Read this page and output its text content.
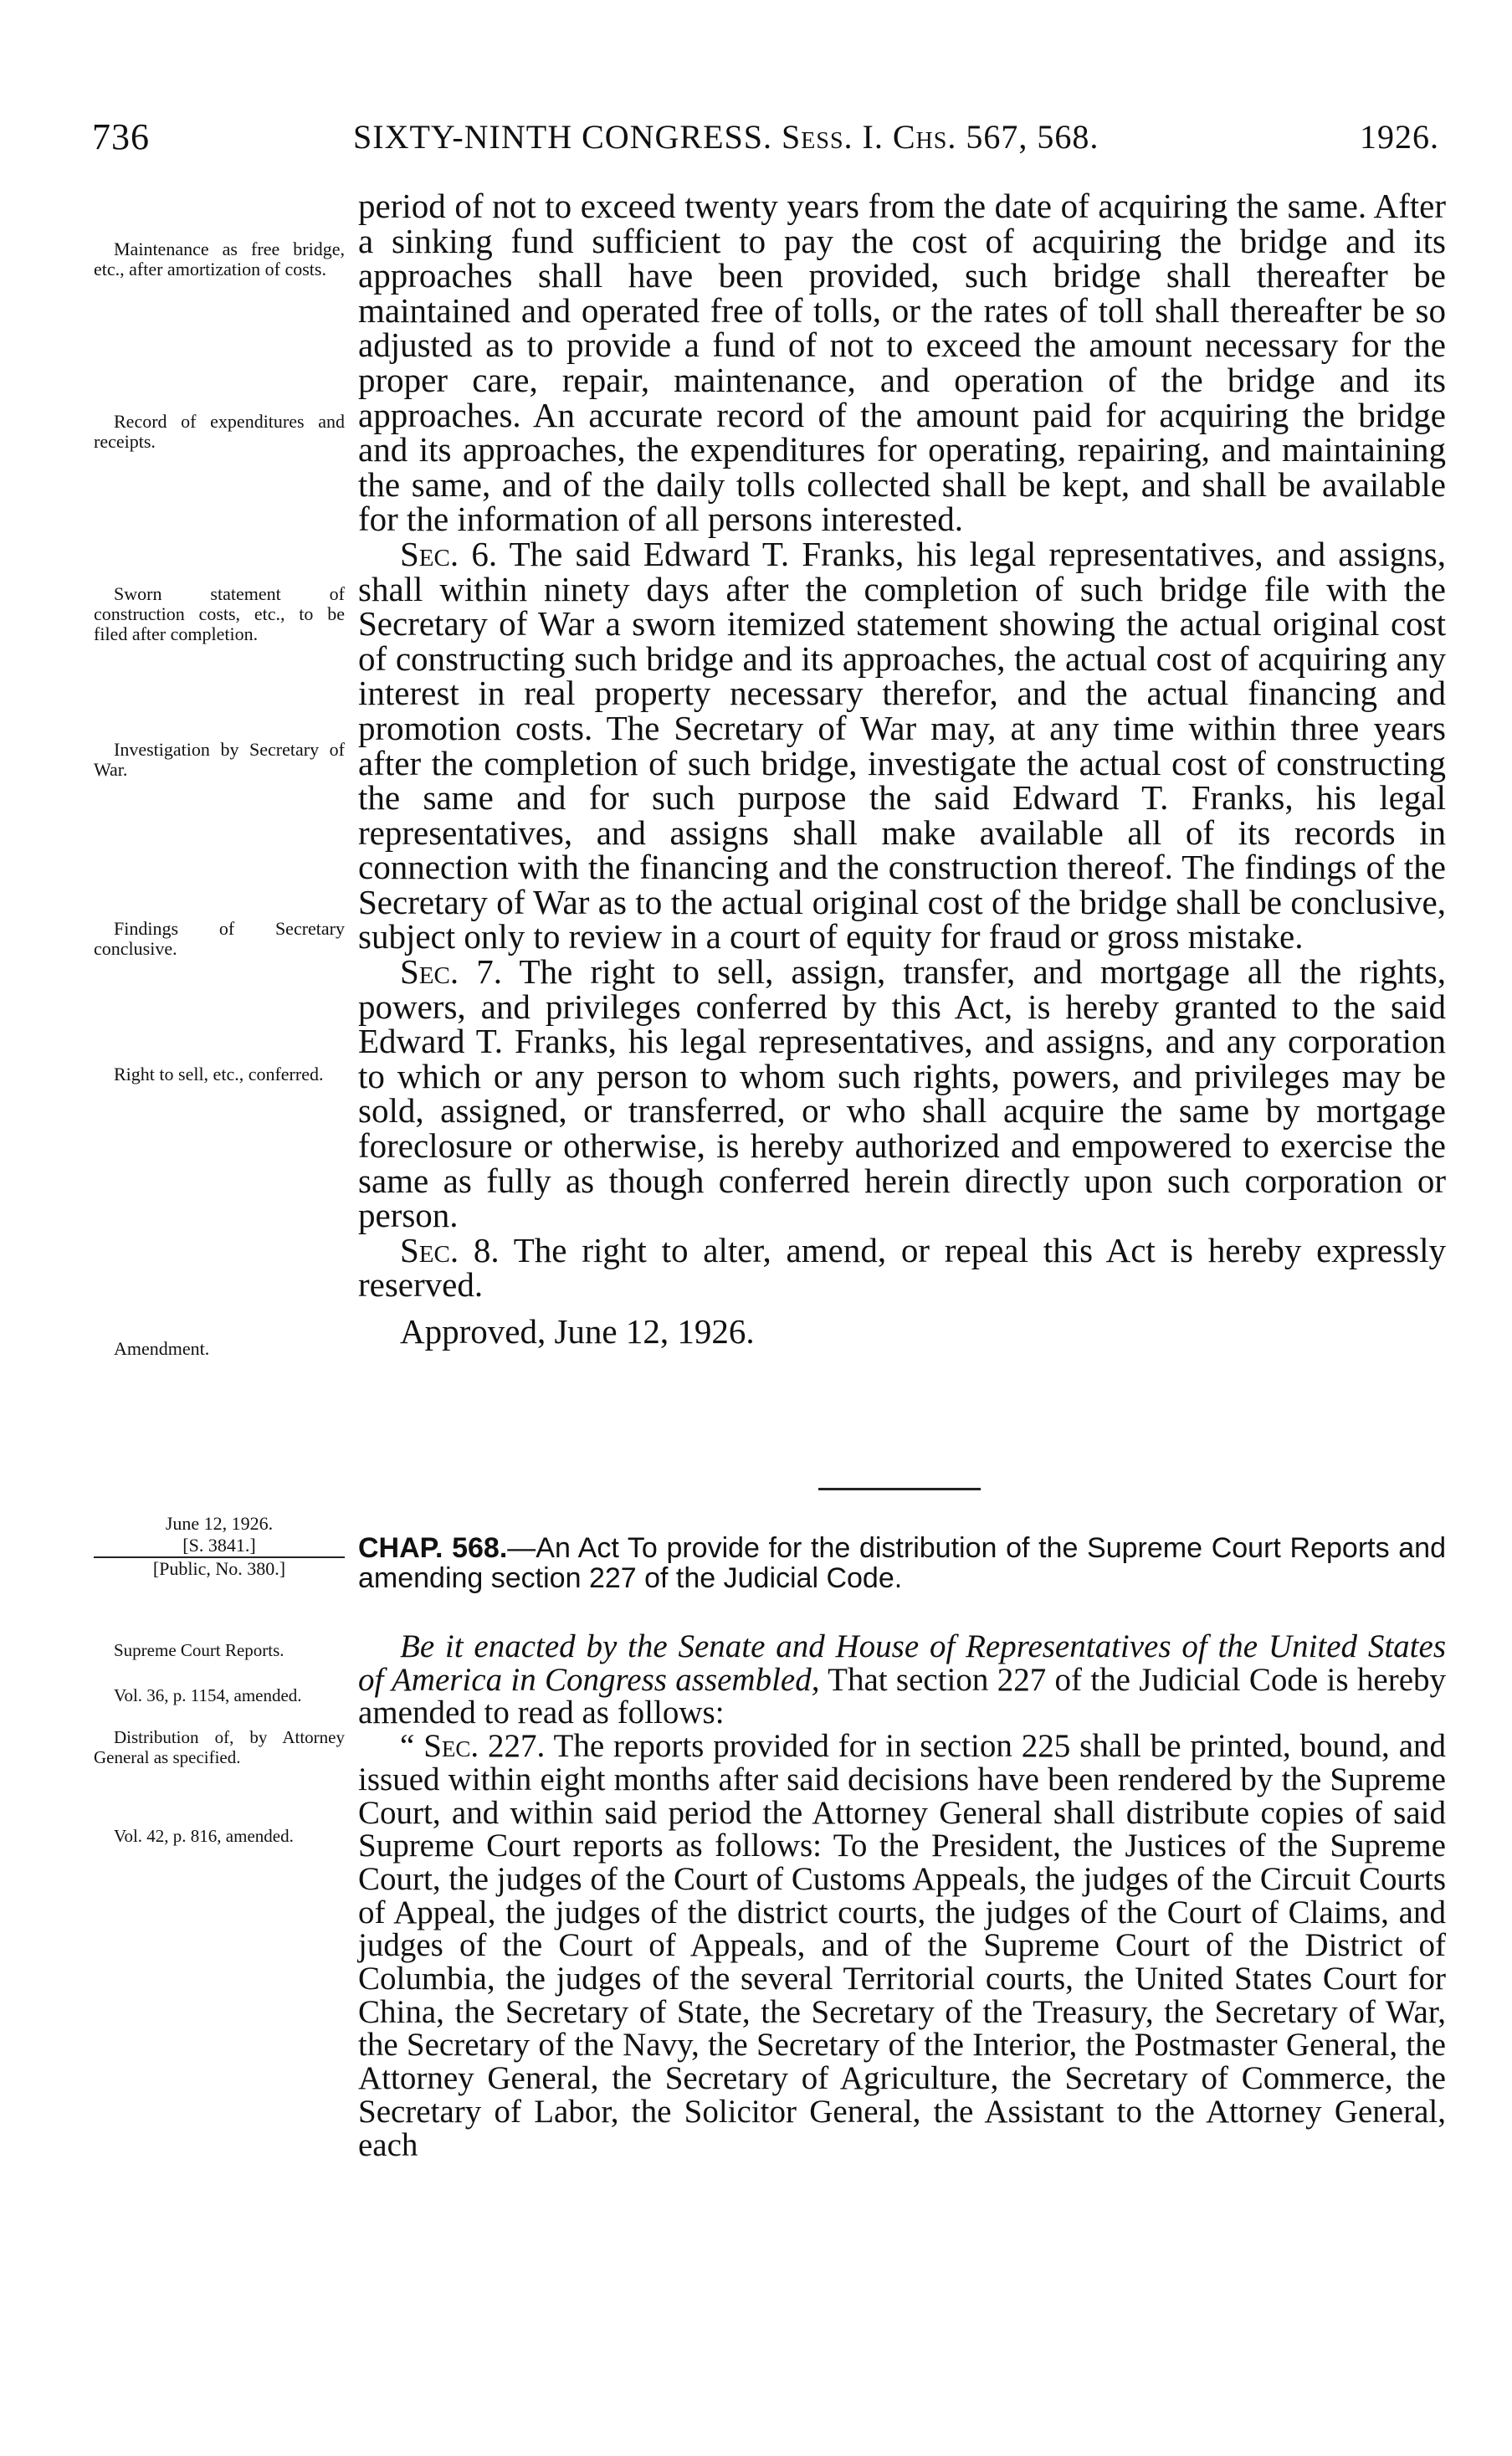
736	SIXTY-NINTH CONGRESS. Sess. I. Chs. 567, 568.	1926.
Maintenance as free bridge, etc., after amortization of costs.
Record of expenditures and receipts.
Sworn statement of construction costs, etc., to be filed after completion.
Investigation by Secretary of War.
Findings of Secretary conclusive.
Right to sell, etc., conferred.
Amendment.

period of not to exceed twenty years from the date of acquiring the same. After a sinking fund sufficient to pay the cost of acquiring the bridge and its approaches shall have been provided, such bridge shall thereafter be maintained and operated free of tolls, or the rates of toll shall thereafter be so adjusted as to provide a fund of not to exceed the amount necessary for the proper care, repair, maintenance, and operation of the bridge and its approaches. An accurate record of the amount paid for acquiring the bridge and its approaches, the expenditures for operating, repairing, and maintaining the same, and of the daily tolls collected shall be kept, and shall be available for the information of all persons interested.

Sec. 6. The said Edward T. Franks, his legal representatives, and assigns, shall within ninety days after the completion of such bridge file with the Secretary of War a sworn itemized statement showing the actual original cost of constructing such bridge and its approaches, the actual cost of acquiring any interest in real property necessary therefor, and the actual financing and promotion costs. The Secretary of War may, at any time within three years after the completion of such bridge, investigate the actual cost of constructing the same and for such purpose the said Edward T. Franks, his legal representatives, and assigns shall make available all of its records in connection with the financing and the construction thereof. The findings of the Secretary of War as to the actual original cost of the bridge shall be conclusive, subject only to review in a court of equity for fraud or gross mistake.

Sec. 7. The right to sell, assign, transfer, and mortgage all the rights, powers, and privileges conferred by this Act, is hereby granted to the said Edward T. Franks, his legal representatives, and assigns, and any corporation to which or any person to whom such rights, powers, and privileges may be sold, assigned, or transferred, or who shall acquire the same by mortgage foreclosure or otherwise, is hereby authorized and empowered to exercise the same as fully as though conferred herein directly upon such corporation or person.

Sec. 8. The right to alter, amend, or repeal this Act is hereby expressly reserved.

Approved, June 12, 1926.

June 12, 1926.
[S. 3841.]
[Public, No. 380.]
CHAP. 568.—An Act To provide for the distribution of the Supreme Court Reports and amending section 227 of the Judicial Code.
Supreme Court Reports.
Vol. 36, p. 1154, amended.
Distribution of, by Attorney General as specified.
Vol. 42, p. 816, amended.

Be it enacted by the Senate and House of Representatives of the United States of America in Congress assembled, That section 227 of the Judicial Code is hereby amended to read as follows:

“ Sec. 227. The reports provided for in section 225 shall be printed, bound, and issued within eight months after said decisions have been rendered by the Supreme Court, and within said period the Attorney General shall distribute copies of said Supreme Court reports as follows: To the President, the Justices of the Supreme Court, the judges of the Court of Customs Appeals, the judges of the Circuit Courts of Appeal, the judges of the district courts, the judges of the Court of Claims, and judges of the Court of Appeals, and of the Supreme Court of the District of Columbia, the judges of the several Territorial courts, the United States Court for China, the Secretary of State, the Secretary of the Treasury, the Secretary of War, the Secretary of the Navy, the Secretary of the Interior, the Postmaster General, the Attorney General, the Secretary of Agriculture, the Secretary of Commerce, the Secretary of Labor, the Solicitor General, the Assistant to the Attorney General, each
